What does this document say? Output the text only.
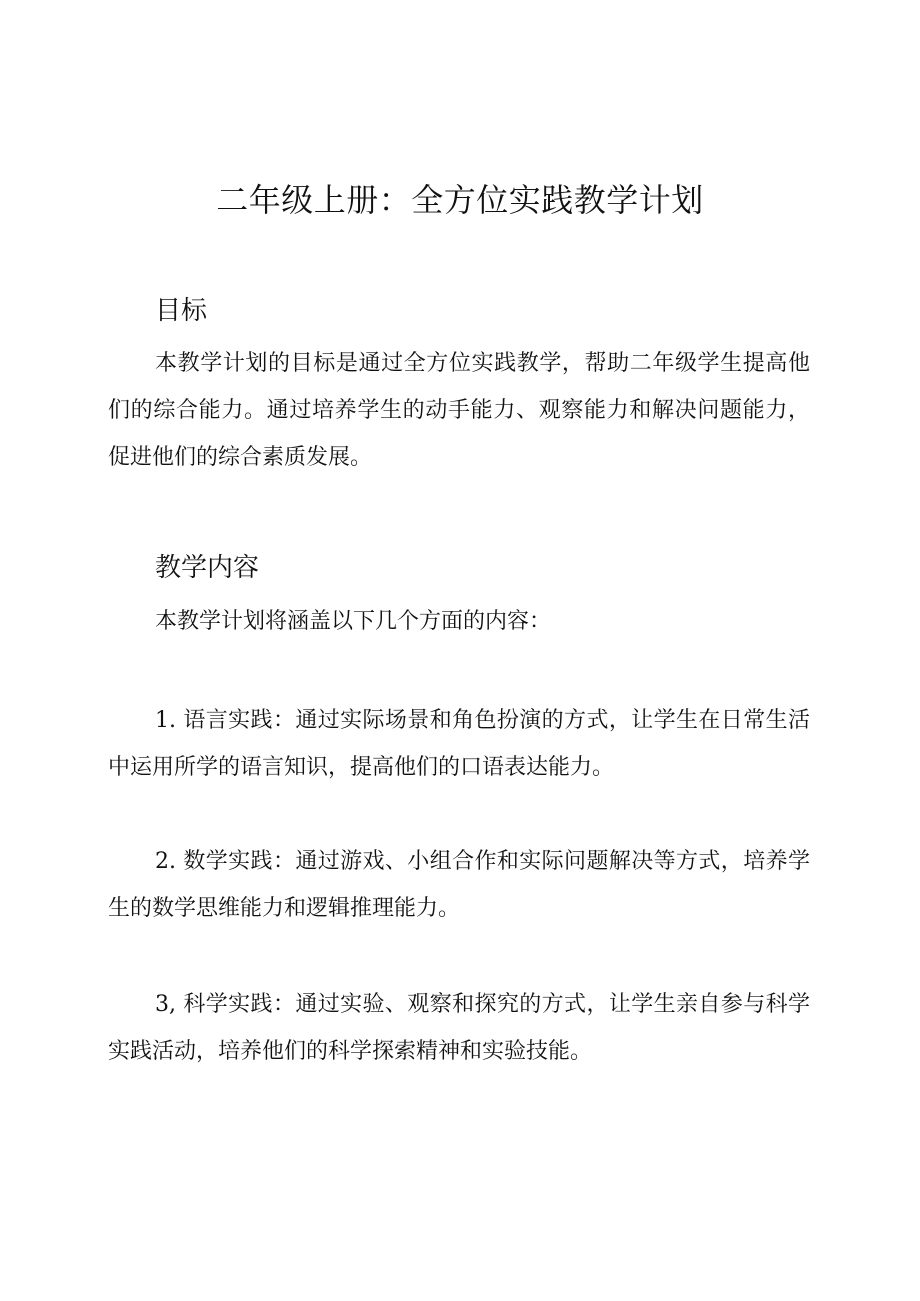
二年级上册：全方位实践教学计划
目标

本教学计划的目标是通过全方位实践教学，帮助二年级学生提高他们的综合能力。通过培养学生的动手能力、观察能力和解决问题能力，促进他们的综合素质发展。

教学内容

本教学计划将涵盖以下几个方面的内容：

1. 语言实践：通过实际场景和角色扮演的方式，让学生在日常生活中运用所学的语言知识，提高他们的口语表达能力。

2. 数学实践：通过游戏、小组合作和实际问题解决等方式，培养学生的数学思维能力和逻辑推理能力。

3, 科学实践：通过实验、观察和探究的方式，让学生亲自参与科学实践活动，培养他们的科学探索精神和实验技能。
